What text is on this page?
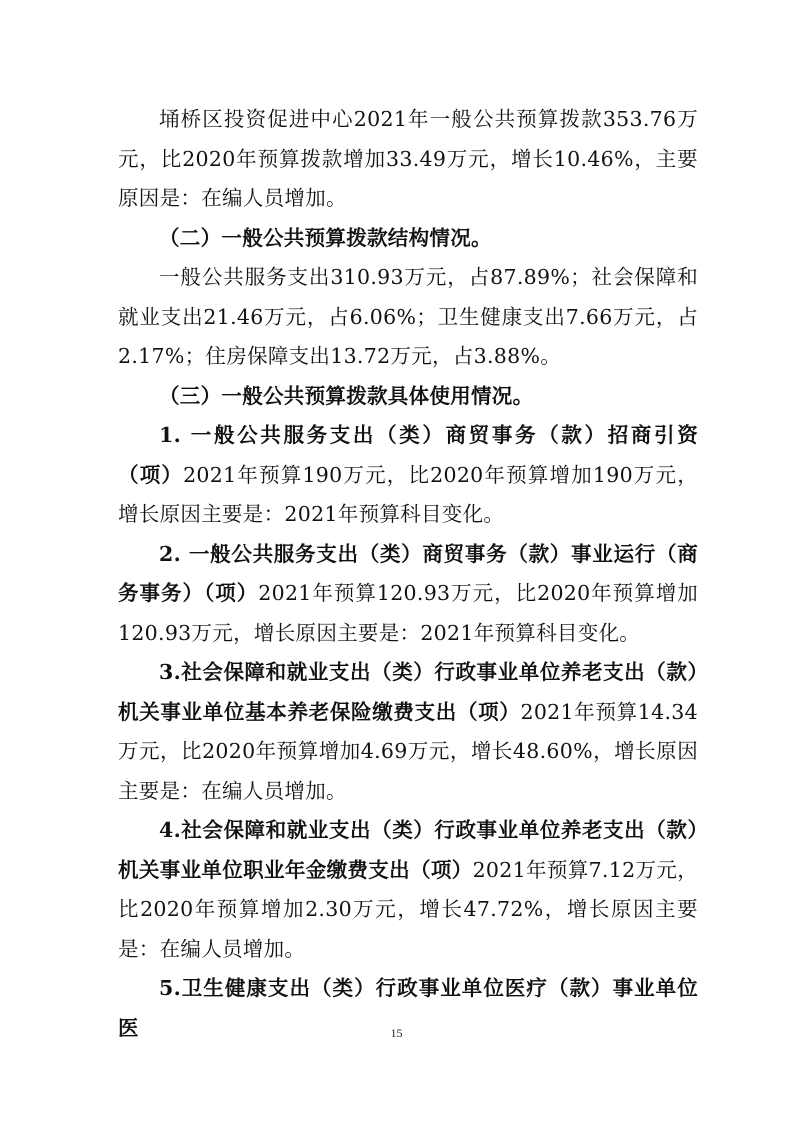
埇桥区投资促进中心2021年一般公共预算拨款353.76万元，比2020年预算拨款增加33.49万元，增长10.46%，主要原因是：在编人员增加。

（二）一般公共预算拨款结构情况。

一般公共服务支出310.93万元，占87.89%；社会保障和就业支出21.46万元，占6.06%；卫生健康支出7.66万元，占2.17%；住房保障支出13.72万元，占3.88%。

（三）一般公共预算拨款具体使用情况。

1. 一般公共服务支出（类）商贸事务（款）招商引资（项）2021年预算190万元，比2020年预算增加190万元，增长原因主要是：2021年预算科目变化。

2. 一般公共服务支出（类）商贸事务（款）事业运行（商务事务）（项）2021年预算120.93万元，比2020年预算增加120.93万元，增长原因主要是：2021年预算科目变化。

3.社会保障和就业支出（类）行政事业单位养老支出（款）机关事业单位基本养老保险缴费支出（项）2021年预算14.34万元，比2020年预算增加4.69万元，增长48.60%，增长原因主要是：在编人员增加。

4.社会保障和就业支出（类）行政事业单位养老支出（款）机关事业单位职业年金缴费支出（项）2021年预算7.12万元，比2020年预算增加2.30万元，增长47.72%，增长原因主要是：在编人员增加。

5.卫生健康支出（类）行政事业单位医疗（款）事业单位医	15
